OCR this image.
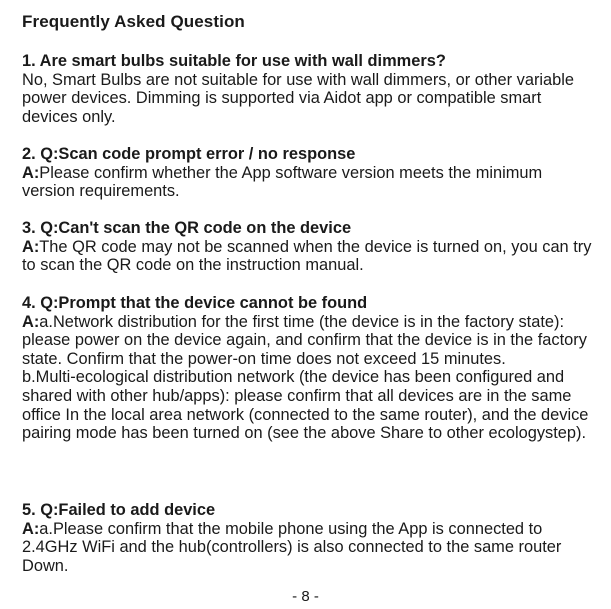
Frequently Asked Question
1. Are smart bulbs suitable for use with wall dimmers?
No, Smart Bulbs are not suitable for use with wall dimmers, or other variable power devices. Dimming is supported via Aidot app or compatible smart devices only.
2. Q:Scan code prompt error / no response
A:Please confirm whether the App software version meets the minimum version requirements.
3. Q:Can't scan the QR code on the device
A:The QR code may not be scanned when the device is turned on, you can try to scan the QR code on the instruction manual.
4. Q:Prompt that the device cannot be found
A:a.Network distribution for the first time (the device is in the factory state): please power on the device again, and confirm that the device is in the factory state. Confirm that the power-on time does not exceed 15 minutes.
b.Multi-ecological distribution network (the device has been configured and shared with other hub/apps): please confirm that all devices are in the same office In the local area network (connected to the same router), and the device pairing mode has been turned on (see the above Share to other ecologystep).
5. Q:Failed to add device
A:a.Please confirm that the mobile phone using the App is connected to 2.4GHz WiFi and the hub(controllers) is also connected to the same router Down.
- 8 -
